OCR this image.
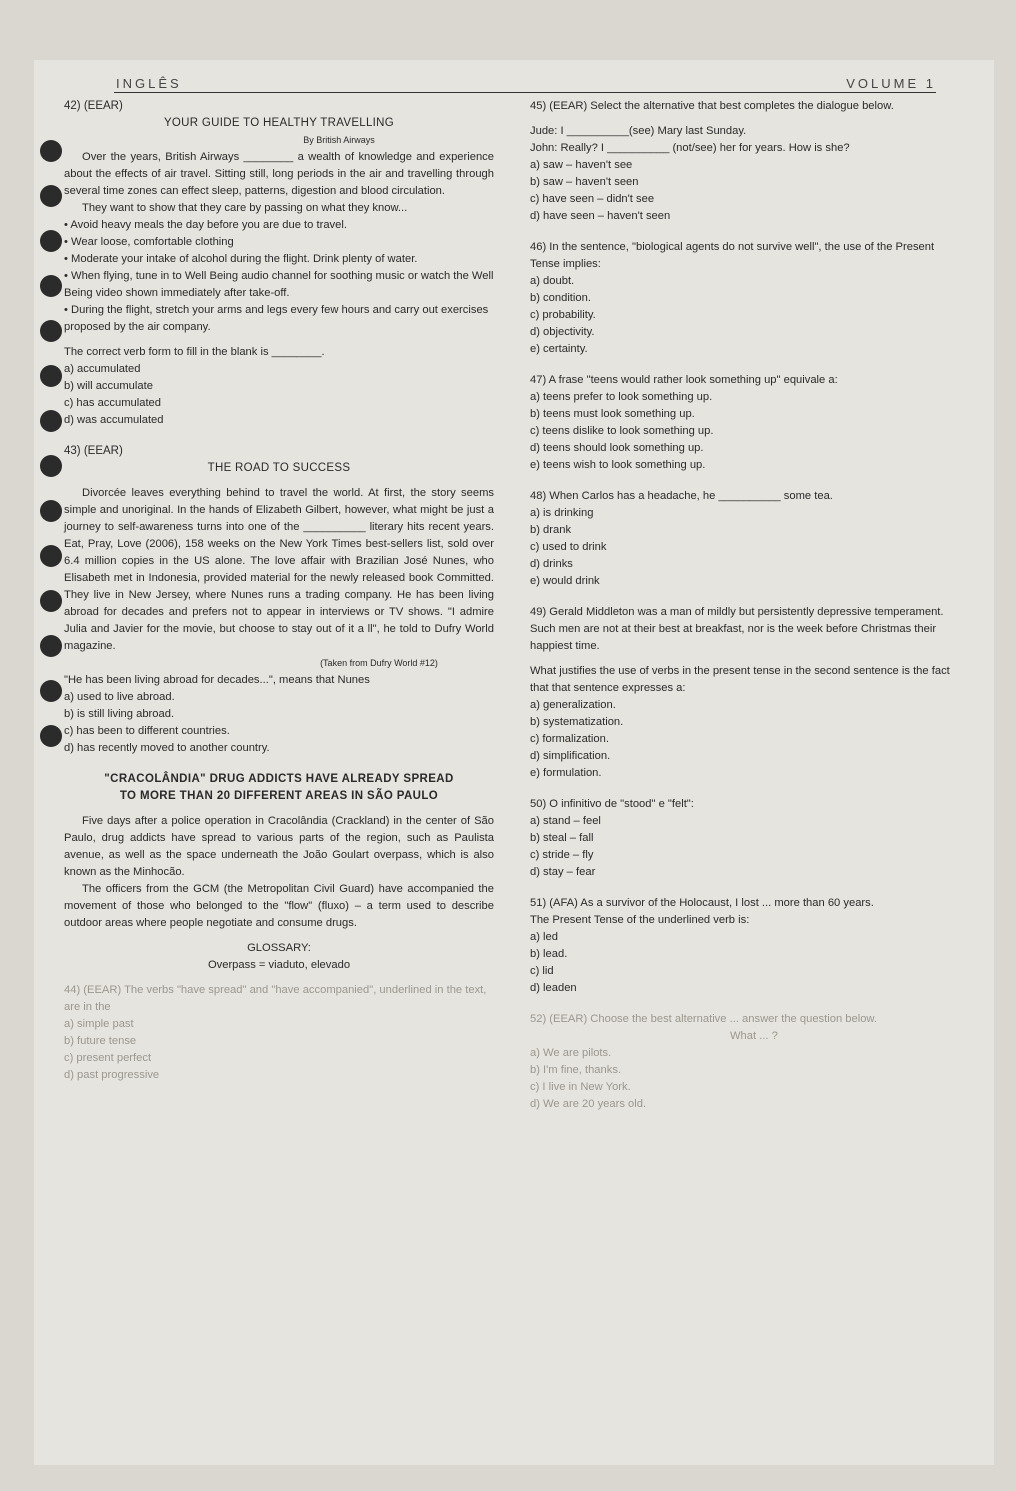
INGLÊS	VOLUME 1

42) (EEAR)

YOUR GUIDE TO HEALTHY TRAVELLING

By British Airways

Over the years, British Airways ________ a wealth of knowledge and experience about the effects of air travel. Sitting still, long periods in the air and travelling through several time zones can effect sleep, patterns, digestion and blood circulation.

They want to show that they care by passing on what they know...

• Avoid heavy meals the day before you are due to travel.

• Wear loose, comfortable clothing

• Moderate your intake of alcohol during the flight. Drink plenty of water.

• When flying, tune in to Well Being audio channel for soothing music or watch the Well Being video shown immediately after take-off.

• During the flight, stretch your arms and legs every few hours and carry out exercises proposed by the air company.

The correct verb form to fill in the blank is ________.

a) accumulated

b) will accumulate

c) has accumulated

d) was accumulated

43) (EEAR)

THE ROAD TO SUCCESS

Divorcée leaves everything behind to travel the world. At first, the story seems simple and unoriginal. In the hands of Elizabeth Gilbert, however, what might be just a journey to self-awareness turns into one of the __________ literary hits recent years. Eat, Pray, Love (2006), 158 weeks on the New York Times best-sellers list, sold over 6.4 million copies in the US alone. The love affair with Brazilian José Nunes, who Elisabeth met in Indonesia, provided material for the newly released book Committed. They live in New Jersey, where Nunes runs a trading company. He has been living abroad for decades and prefers not to appear in interviews or TV shows. "I admire Julia and Javier for the movie, but choose to stay out of it a ll", he told to Dufry World magazine.

(Taken from Dufry World #12)

"He has been living abroad for decades...", means that Nunes

a) used to live abroad.

b) is still living abroad.

c) has been to different countries.

d) has recently moved to another country.

"CRACOLÂNDIA" DRUG ADDICTS HAVE ALREADY SPREAD

TO MORE THAN 20 DIFFERENT AREAS IN SÃO PAULO

Five days after a police operation in Cracolândia (Crackland) in the center of São Paulo, drug addicts have spread to various parts of the region, such as Paulista avenue, as well as the space underneath the João Goulart overpass, which is also known as the Minhocão.

The officers from the GCM (the Metropolitan Civil Guard) have accompanied the movement of those who belonged to the "flow" (fluxo) – a term used to describe outdoor areas where people negotiate and consume drugs.

GLOSSARY:

Overpass = viaduto, elevado

44) (EEAR) The verbs "have spread" and "have accompanied", underlined in the text, are in the

a) simple past

b) future tense

c) present perfect

d) past progressive

45) (EEAR) Select the alternative that best completes the dialogue below.

Jude: I __________(see) Mary last Sunday.

John: Really? I __________ (not/see) her for years. How is she?

a) saw – haven't see

b) saw – haven't seen

c) have seen – didn't see

d) have seen – haven't seen

46) In the sentence, "biological agents do not survive well", the use of the Present Tense implies:

a) doubt.

b) condition.

c) probability.

d) objectivity.

e) certainty.

47) A frase "teens would rather look something up" equivale a:

a) teens prefer to look something up.

b) teens must look something up.

c) teens dislike to look something up.

d) teens should look something up.

e) teens wish to look something up.

48) When Carlos has a headache, he __________ some tea.

a) is drinking

b) drank

c) used to drink

d) drinks

e) would drink

49) Gerald Middleton was a man of mildly but persistently depressive temperament. Such men are not at their best at breakfast, nor is the week before Christmas their happiest time.

What justifies the use of verbs in the present tense in the second sentence is the fact that that sentence expresses a:

a) generalization.

b) systematization.

c) formalization.

d) simplification.

e) formulation.

50) O infinitivo de "stood" e "felt":

a) stand – feel

b) steal – fall

c) stride – fly

d) stay – fear

51) (AFA) As a survivor of the Holocaust, I lost ... more than 60 years.

The Present Tense of the underlined verb is:

a) led

b) lead.

c) lid

d) leaden

52) (EEAR) Choose the best alternative ... answer the question below.

What ... ?

a) We are pilots.

b) I'm fine, thanks.

c) I live in New York.

d) We are 20 years old.
